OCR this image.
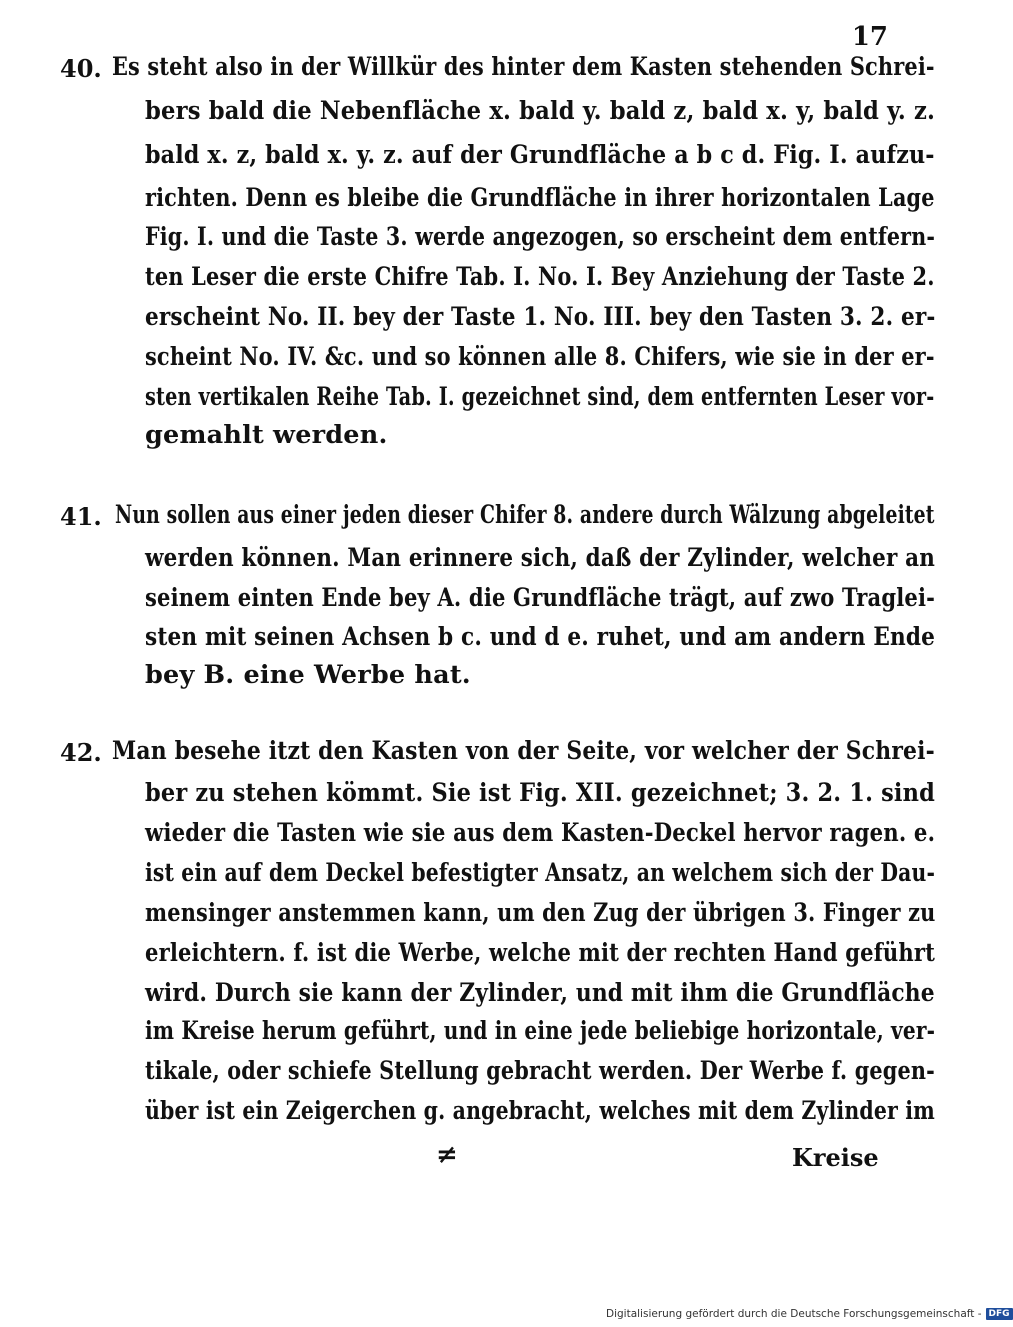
17
40. Es steht also in der Willkür des hinter dem Kasten stehenden Schrei-
bers bald die Nebenfläche x. bald y. bald z, bald x. y, bald y. z.
bald x. z, bald x. y. z. auf der Grundfläche a b c d. Fig. I. aufzu-
richten. Denn es bleibe die Grundfläche in ihrer horizontalen Lage
Fig. I. und die Taste 3. werde angezogen, so erscheint dem entfern-
ten Leser die erste Chifre Tab. I. No. I. Bey Anziehung der Taste 2.
erscheint No. II. bey der Taste 1. No. III. bey den Tasten 3. 2. er-
scheint No. IV. &c. und so können alle 8. Chifers, wie sie in der er-
sten vertikalen Reihe Tab. I. gezeichnet sind, dem entfernten Leser vor-
gemahlt werden.
41. Nun sollen aus einer jeden dieser Chifer 8. andere durch Wälzung abgeleitet
werden können. Man erinnere sich, daß der Zylinder, welcher an
seinem einten Ende bey A. die Grundfläche trägt, auf zwo Traglei-
sten mit seinen Achsen b c. und d e. ruhet, und am andern Ende
bey B. eine Werbe hat.
42. Man besehe itzt den Kasten von der Seite, vor welcher der Schrei-
ber zu stehen kömmt. Sie ist Fig. XII. gezeichnet; 3. 2. 1. sind
wieder die Tasten wie sie aus dem Kasten-Deckel hervor ragen. e.
ist ein auf dem Deckel befestigter Ansatz, an welchem sich der Dau-
mensinger anstemmen kann, um den Zug der übrigen 3. Finger zu
erleichtern. f. ist die Werbe, welche mit der rechten Hand geführt
wird. Durch sie kann der Zylinder, und mit ihm die Grundfläche
im Kreise herum geführt, und in eine jede beliebige horizontale, ver-
tikale, oder schiefe Stellung gebracht werden. Der Werbe f. gegen-
über ist ein Zeigerchen g. angebracht, welches mit dem Zylinder im
≠	Kreise
Digitalisierung gefördert durch die Deutsche Forschungsgemeinschaft - DFG
